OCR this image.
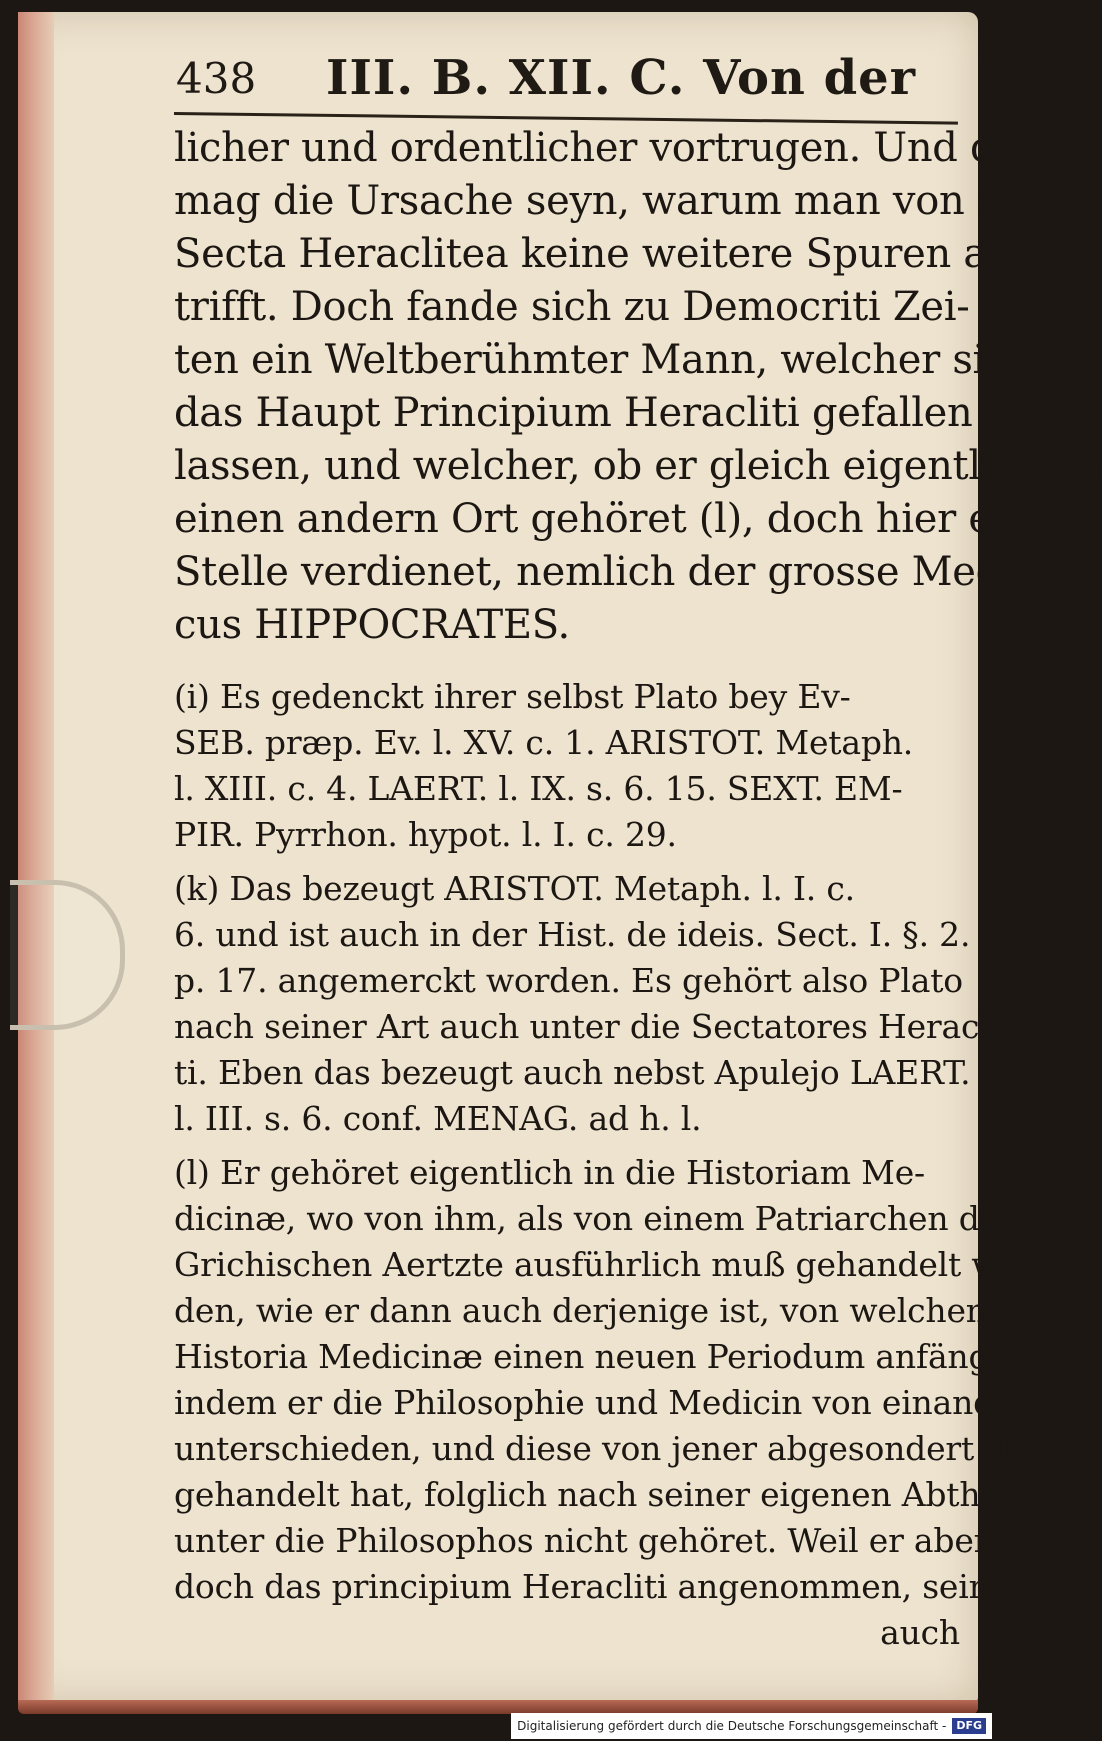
438 III. B. XII. C. Von der
licher und ordentlicher vortrugen. Und das
mag die Ursache seyn, warum man von der
Secta Heraclitea keine weitere Spuren an-
trifft. Doch fande sich zu Democriti Zei-
ten ein Weltberühmter Mann, welcher sich
das Haupt Principium Heracliti gefallen
lassen, und welcher, ob er gleich eigentlich an
einen andern Ort gehöret (l), doch hier eine
Stelle verdienet, nemlich der grosse Medi-
cus HIPPOCRATES.
(i) Es gedenckt ihrer selbst Plato bey Ev-
SEB. præp. Ev. l. XV. c. 1. ARISTOT. Metaph.
l. XIII. c. 4. LAERT. l. IX. s. 6. 15. SEXT. EM-
PIR. Pyrrhon. hypot. l. I. c. 29.
(k) Das bezeugt ARISTOT. Metaph. l. I. c.
6. und ist auch in der Hist. de ideis. Sect. I. §. 2.
p. 17. angemerckt worden. Es gehört also Plato
nach seiner Art auch unter die Sectatores Heracli-
ti. Eben das bezeugt auch nebst Apulejo LAERT.
l. III. s. 6. conf. MENAG. ad h. l.
(l) Er gehöret eigentlich in die Historiam Me-
dicinæ, wo von ihm, als von einem Patriarchen der
Grichischen Aertzte ausführlich muß gehandelt wer-
den, wie er dann auch derjenige ist, von welchem die
Historia Medicinæ einen neuen Periodum anfängt,
indem er die Philosophie und Medicin von einander
unterschieden, und diese von jener abgesondert ab-
gehandelt hat, folglich nach seiner eigenen Abtheilung
unter die Philosophos nicht gehöret. Weil er aber
doch das principium Heracliti angenommen, seiner
auch
Digitalisierung gefördert durch die Deutsche Forschungsgemeinschaft - DFG
